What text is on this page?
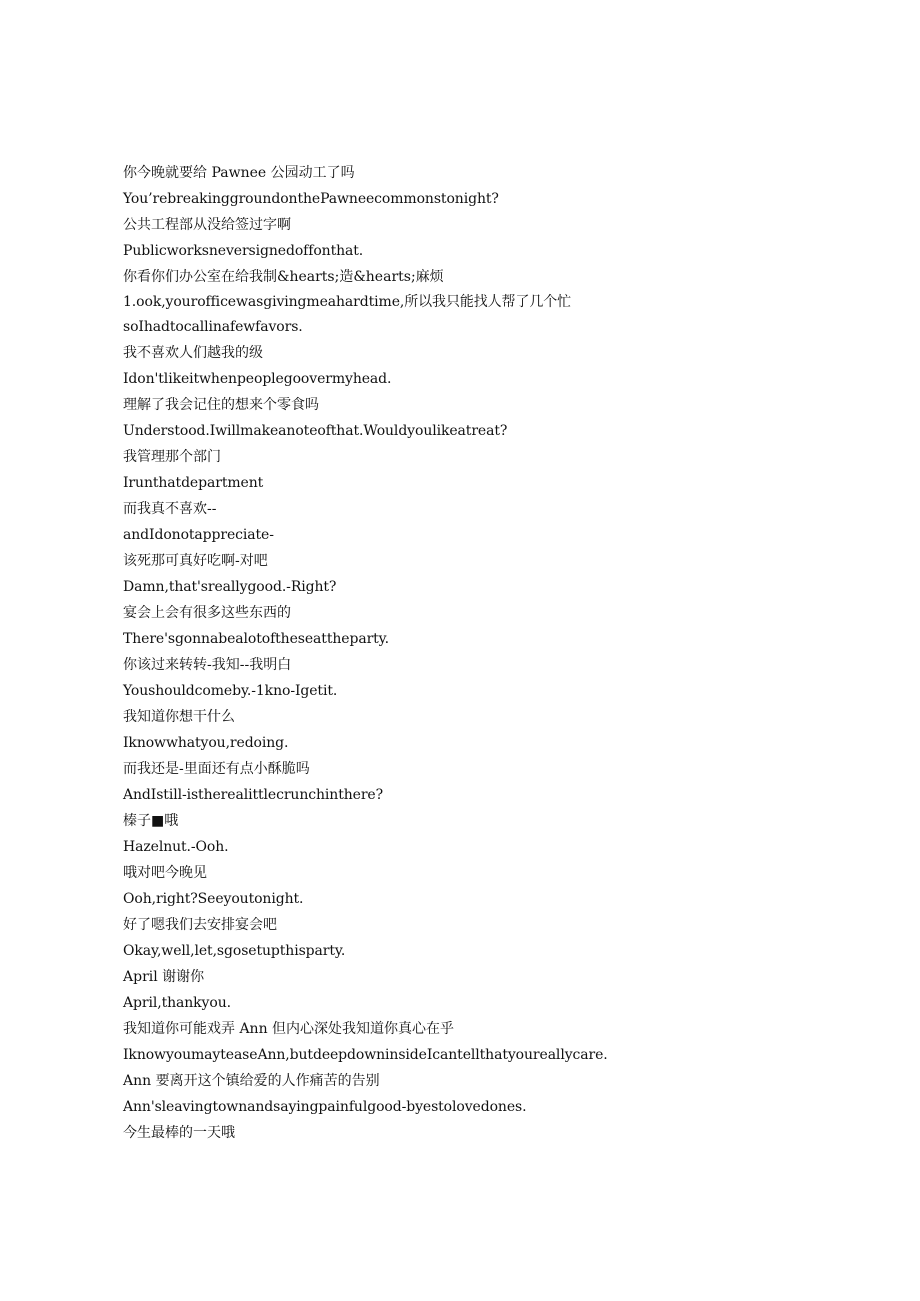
你今晚就要给 Pawnee 公园动工了吗
You’rebreakinggroundonthePawneecommonstonight?
公共工程部从没给签过字啊
Publicworksneversignedoffonthat.
你看你们办公室在给我制&hearts;造&hearts;麻烦
1.ook,yourofficewasgivingmeahardtime,所以我只能找人帮了几个忙
soIhadtocallinafewfavors.
我不喜欢人们越我的级
Idon'tlikeitwhenpeoplegoovermyhead.
理解了我会记住的想来个零食吗
Understood.Iwillmakeanoteofthat.Wouldyoulikeatreat?
我管理那个部门
Irunthatdepartment
而我真不喜欢--
andIdonotappreciate-
该死那可真好吃啊-对吧
Damn,that'sreallygood.-Right?
宴会上会有很多这些东西的
There'sgonnabealotoftheseattheparty.
你该过来转转-我知--我明白
Youshouldcomeby.-1kno-Igetit.
我知道你想干什么
Iknowwhatyou,redoing.
而我还是-里面还有点小酥脆吗
AndIstill-istherealittlecrunchinthere?
榛子■哦
Hazelnut.-Ooh.
哦对吧今晚见
Ooh,right?Seeyoutonight.
好了嗯我们去安排宴会吧
Okay,well,let,sgosetupthisparty.
April 谢谢你
April,thankyou.
我知道你可能戏弄 Ann 但内心深处我知道你真心在乎
IknowyoumayteaseAnn,butdeepdowninsideIcantellthatyoureallycare.
Ann 要离开这个镇给爱的人作痛苦的告别
Ann'sleavingtownandsayingpainfulgood-byestolovedones.
今生最棒的一天哦
